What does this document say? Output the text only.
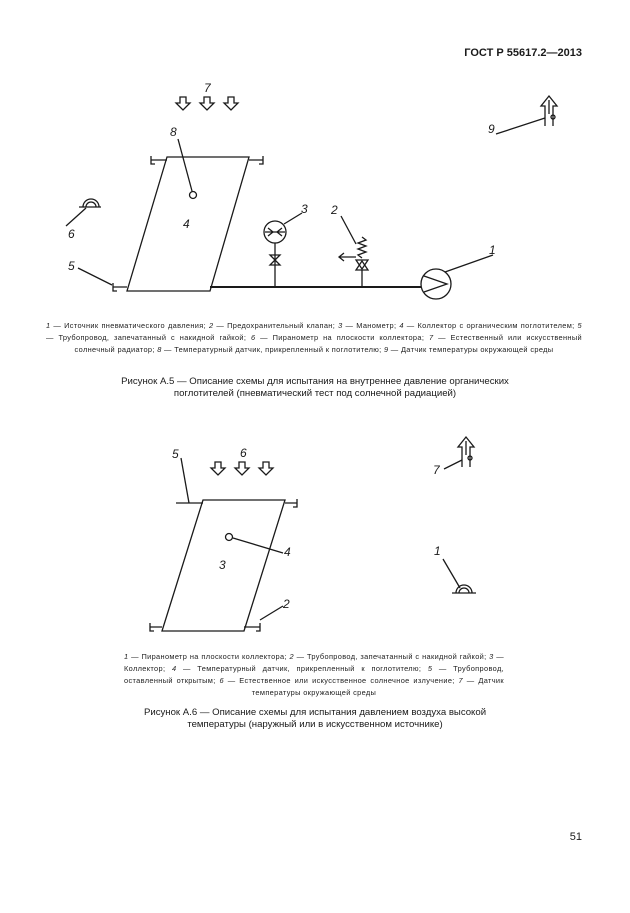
ГОСТ Р 55617.2—2013
7
4
8
6
5
3 2
1
9
1 — Источник пневматического давления; 2 — Предохранительный клапан; 3 — Манометр; 4 — Коллектор с органическим поглотителем; 5 — Трубопровод, запечатанный с накидной гайкой; 6 — Пиранометр на плоскости коллектора; 7 — Естественный или искусственный солнечный радиатор; 8 — Температурный датчик, прикрепленный к поглотителю; 9 — Датчик температуры окружающей среды
Рисунок А.5 — Описание схемы для испытания на внутреннее давление органических
поглотителей (пневматический тест под солнечной радиацией)
6
5
2
3
4
7
1
1 — Пиранометр на плоскости коллектора; 2 — Трубопровод, запечатанный с накидной гайкой; 3 — Коллектор; 4 — Температурный датчик, прикрепленный к поглотителю; 5 — Трубопровод, оставленный открытым; 6 — Естественное или искусственное солнечное излучение; 7 — Датчик температуры окружающей среды
Рисунок А.6 — Описание схемы для испытания давлением воздуха высокой
температуры (наружный или в искусственном источнике)
51
